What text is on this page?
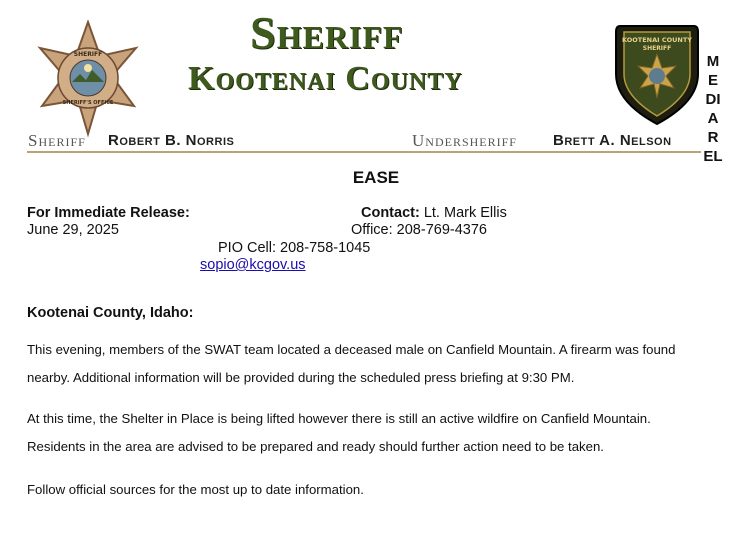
SHERIFF
SHERIFF'S OFFICE
Sheriff
Kootenai County
KOOTENAI COUNTY
SHERIFF
M
E
DI
A
R
EL
Sheriff Robert B. Norris	Undersheriff Brett A. Nelson
EASE
For Immediate Release:
June 29, 2025
Contact: Lt. Mark Ellis
Office: 208-769-4376
PIO Cell: 208-758-1045
sopio@kcgov.us
Kootenai County, Idaho:
This evening, members of the SWAT team located a deceased male on Canfield Mountain. A firearm was found
nearby. Additional information will be provided during the scheduled press briefing at 9:30 PM.
At this time, the Shelter in Place is being lifted however there is still an active wildfire on Canfield Mountain.
Residents in the area are advised to be prepared and ready should further action need to be taken.
Follow official sources for the most up to date information.
